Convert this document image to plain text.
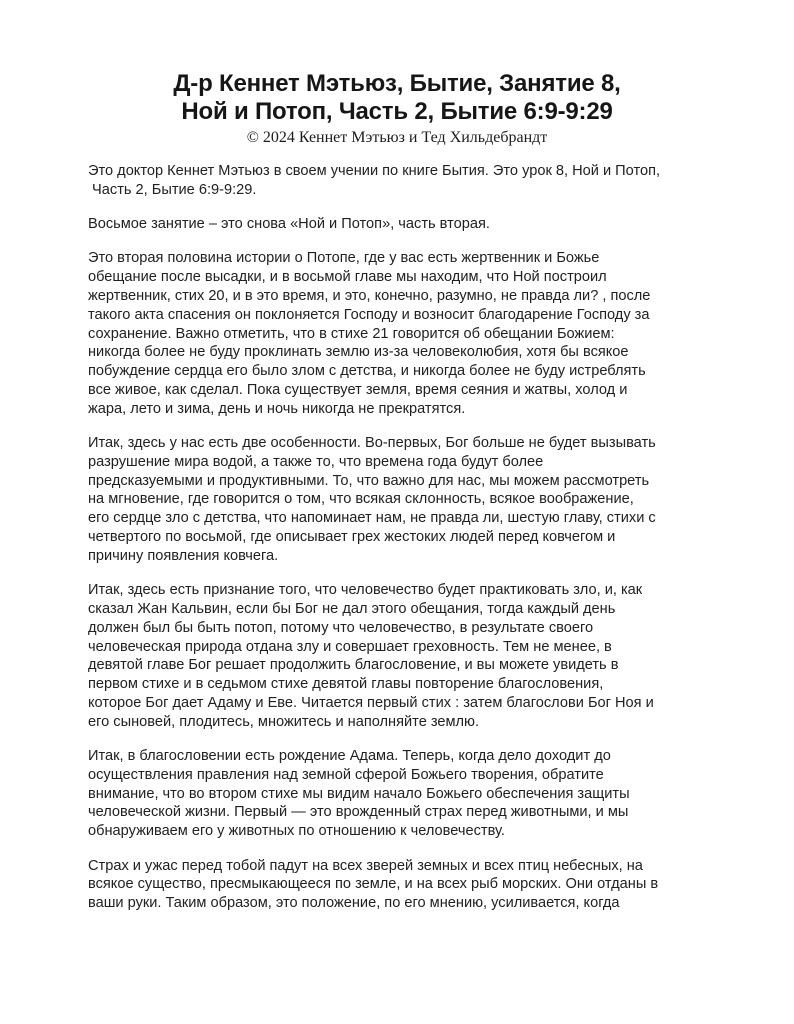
Д-р Кеннет Мэтьюз, Бытие, Занятие 8,
Ной и Потоп, Часть 2, Бытие 6:9-9:29
© 2024 Кеннет Мэтьюз и Тед Хильдебрандт

Это доктор Кеннет Мэтьюз в своем учении по книге Бытия. Это урок 8, Ной и Потоп,
Часть 2, Бытие 6:9-9:29.

Восьмое занятие – это снова «Ной и Потоп», часть вторая.

Это вторая половина истории о Потопе, где у вас есть жертвенник и Божье
обещание после высадки, и в восьмой главе мы находим, что Ной построил
жертвенник, стих 20, и в это время, и это, конечно, разумно, не правда ли? , после
такого акта спасения он поклоняется Господу и возносит благодарение Господу за
сохранение. Важно отметить, что в стихе 21 говорится об обещании Божием:
никогда более не буду проклинать землю из-за человеколюбия, хотя бы всякое
побуждение сердца его было злом с детства, и никогда более не буду истреблять
все живое, как сделал. Пока существует земля, время сеяния и жатвы, холод и
жара, лето и зима, день и ночь никогда не прекратятся.

Итак, здесь у нас есть две особенности. Во-первых, Бог больше не будет вызывать
разрушение мира водой, а также то, что времена года будут более
предсказуемыми и продуктивными. То, что важно для нас, мы можем рассмотреть
на мгновение, где говорится о том, что всякая склонность, всякое воображение,
его сердце зло с детства, что напоминает нам, не правда ли, шестую главу, стихи с
четвертого по восьмой, где описывает грех жестоких людей перед ковчегом и
причину появления ковчега.

Итак, здесь есть признание того, что человечество будет практиковать зло, и, как
сказал Жан Кальвин, если бы Бог не дал этого обещания, тогда каждый день
должен был бы быть потоп, потому что человечество, в результате своего
человеческая природа отдана злу и совершает греховность. Тем не менее, в
девятой главе Бог решает продолжить благословение, и вы можете увидеть в
первом стихе и в седьмом стихе девятой главы повторение благословения,
которое Бог дает Адаму и Еве. Читается первый стих : затем благослови Бог Ноя и
его сыновей, плодитесь, множитесь и наполняйте землю.

Итак, в благословении есть рождение Адама. Теперь, когда дело доходит до
осуществления правления над земной сферой Божьего творения, обратите
внимание, что во втором стихе мы видим начало Божьего обеспечения защиты
человеческой жизни. Первый — это врожденный страх перед животными, и мы
обнаруживаем его у животных по отношению к человечеству.

Страх и ужас перед тобой падут на всех зверей земных и всех птиц небесных, на
всякое существо, пресмыкающееся по земле, и на всех рыб морских. Они отданы в
ваши руки. Таким образом, это положение, по его мнению, усиливается, когда
